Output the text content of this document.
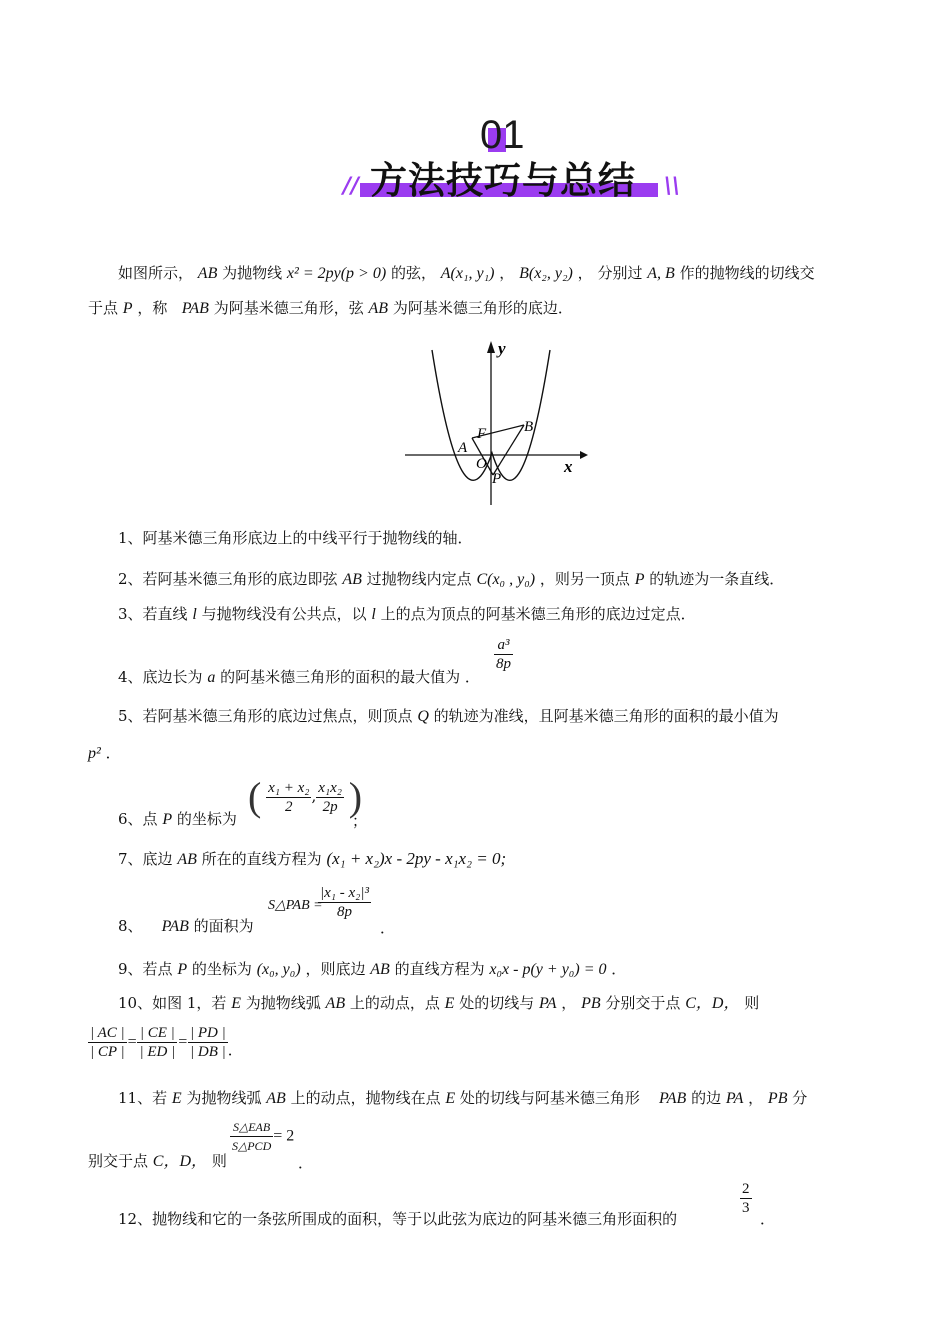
01
// 方法技巧与总结 \\
如图所示， AB 为抛物线 x² = 2py(p > 0) 的弦， A(x₁, y₁) ， B(x₂, y₂) ， 分别过 A, B 作的抛物线的切线交
于点 P ，称 PAB 为阿基米德三角形，弦 AB 为阿基米德三角形的底边．
y
x
F	B
A
O
P
1、阿基米德三角形底边上的中线平行于抛物线的轴．
2、若阿基米德三角形的底边即弦 AB 过抛物线内定点 C(x₀ , y₀) ，则另一顶点 P 的轨迹为一条直线．
3、若直线 l 与抛物线没有公共点，以 l 上的点为顶点的阿基米德三角形的底边过定点．
4、底边长为 a 的阿基米德三角形的面积的最大值为 ．
$\frac{\text{a³}}{8p}$
5、若阿基米德三角形的底边过焦点，则顶点 Q 的轨迹为准线，且阿基米德三角形的面积的最小值为
p² ．
6、点 P 的坐标为 ( $\frac{\text{x₁ + x₂}}{2}$ , $\frac{\text{x₁x₂}}{2p}$ )
；
7、底边 AB 所在的直线方程为 (x₁ + x₂)x - 2py - x₁x₂ = 0;
8、 PAB 的面积为
S△PAB =
$\frac{\text{|x₁ - x₂|³}}{8p}$
．
9、若点 P 的坐标为 (x₀, y₀) ，则底边 AB 的直线方程为 x₀x - p(y + y₀) = 0 ．
10、如图 1，若 E 为抛物线弧 AB 上的动点，点 E 处的切线与 PA ， PB 分别交于点 C，D， 则
$\frac{| AC |}{| CP |} = \frac{| CE |}{| ED |} = \frac{| PD |}{| DB |}$ ．
11、若 E 为抛物线弧 AB 上的动点，抛物线在点 E 处的切线与阿基米德三角形 PAB 的边 PA ， PB 分
别交于点 C，D， 则
$\frac{\text{S△EAB}}{\text{S△PCD}} = 2$
．
12、抛物线和它的一条弦所围成的面积，等于以此弦为底边的阿基米德三角形面积的
$\frac{2}{3}$
．
